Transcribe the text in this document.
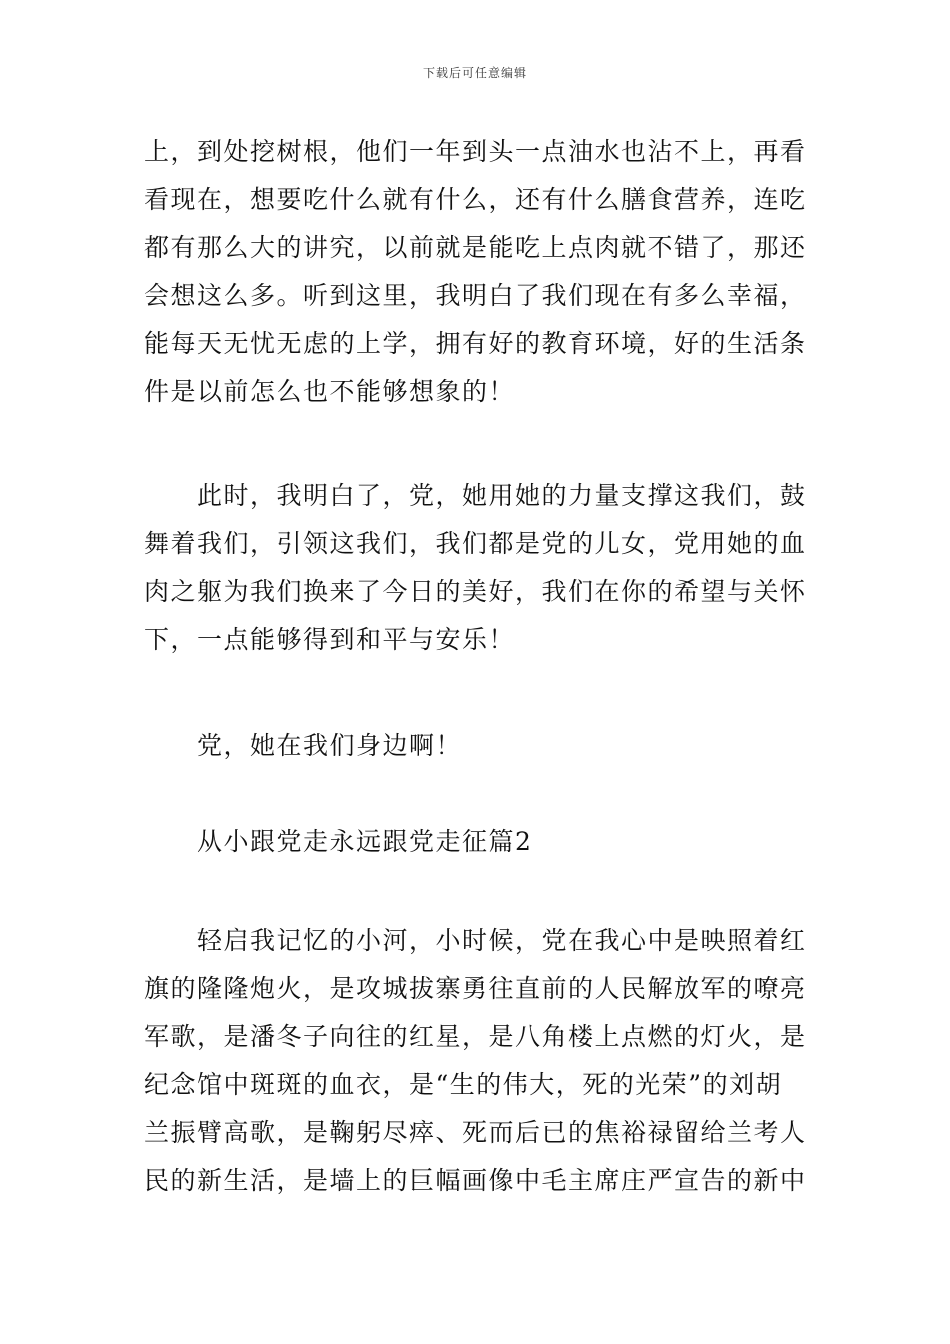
下载后可任意编辑
上，到处挖树根，他们一年到头一点油水也沾不上，再看
看现在，想要吃什么就有什么，还有什么膳食营养，连吃
都有那么大的讲究，以前就是能吃上点肉就不错了，那还
会想这么多。听到这里，我明白了我们现在有多么幸福，
能每天无忧无虑的上学，拥有好的教育环境，好的生活条
件是以前怎么也不能够想象的！
　　此时，我明白了，党，她用她的力量支撑这我们，鼓
舞着我们，引领这我们，我们都是党的儿女，党用她的血
肉之躯为我们换来了今日的美好，我们在你的希望与关怀
下，一点能够得到和平与安乐！
　　党，她在我们身边啊！
　　从小跟党走永远跟党走征篇2
　　轻启我记忆的小河，小时候，党在我心中是映照着红
旗的隆隆炮火，是攻城拔寨勇往直前的人民解放军的嘹亮
军歌，是潘冬子向往的红星，是八角楼上点燃的灯火，是
纪念馆中斑斑的血衣，是“生的伟大，死的光荣”的刘胡
兰振臂高歌，是鞠躬尽瘁、死而后已的焦裕禄留给兰考人
民的新生活，是墙上的巨幅画像中毛主席庄严宣告的新中
